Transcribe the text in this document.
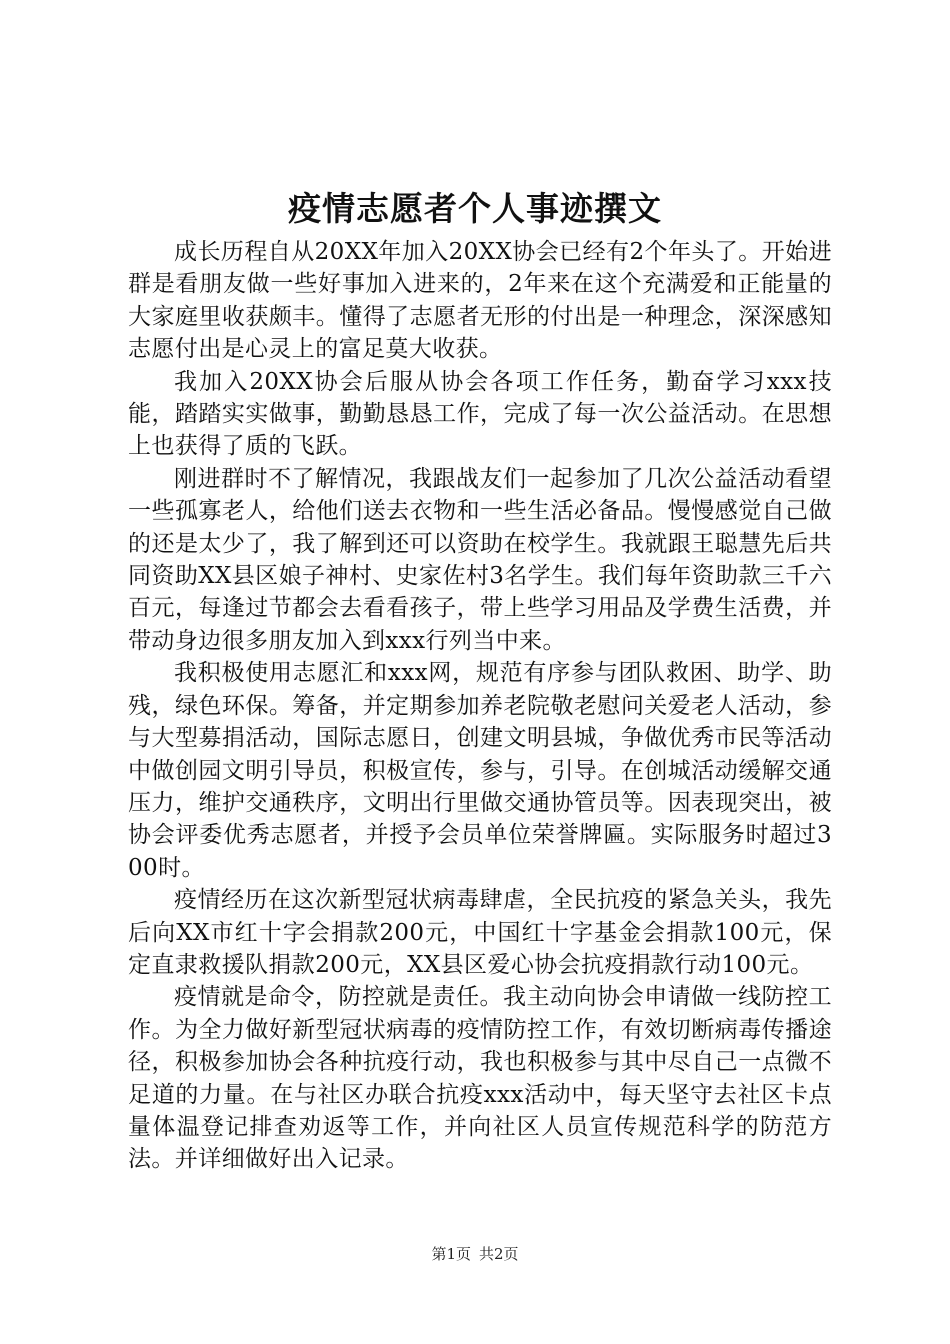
疫情志愿者个人事迹撰文

成长历程自从20XX年加入20XX协会已经有2个年头了。开始进群是看朋友做一些好事加入进来的，2年来在这个充满爱和正能量的大家庭里收获颇丰。懂得了志愿者无形的付出是一种理念，深深感知志愿付出是心灵上的富足莫大收获。

我加入20XX协会后服从协会各项工作任务，勤奋学习xxx技能，踏踏实实做事，勤勤恳恳工作，完成了每一次公益活动。在思想上也获得了质的飞跃。

刚进群时不了解情况，我跟战友们一起参加了几次公益活动看望一些孤寡老人，给他们送去衣物和一些生活必备品。慢慢感觉自己做的还是太少了，我了解到还可以资助在校学生。我就跟王聪慧先后共同资助XX县区娘子神村、史家佐村3名学生。我们每年资助款三千六百元，每逢过节都会去看看孩子，带上些学习用品及学费生活费，并带动身边很多朋友加入到xxx行列当中来。

我积极使用志愿汇和xxx网，规范有序参与团队救困、助学、助残，绿色环保。筹备，并定期参加养老院敬老慰问关爱老人活动，参与大型募捐活动，国际志愿日，创建文明县城，争做优秀市民等活动中做创园文明引导员，积极宣传，参与，引导。在创城活动缓解交通压力，维护交通秩序，文明出行里做交通协管员等。因表现突出，被协会评委优秀志愿者，并授予会员单位荣誉牌匾。实际服务时超过300时。

疫情经历在这次新型冠状病毒肆虐，全民抗疫的紧急关头，我先后向XX市红十字会捐款200元，中国红十字基金会捐款100元，保定直隶救援队捐款200元，XX县区爱心协会抗疫捐款行动100元。

疫情就是命令，防控就是责任。我主动向协会申请做一线防控工作。为全力做好新型冠状病毒的疫情防控工作，有效切断病毒传播途径，积极参加协会各种抗疫行动，我也积极参与其中尽自己一点微不足道的力量。在与社区办联合抗疫xxx活动中，每天坚守去社区卡点量体温登记排查劝返等工作，并向社区人员宣传规范科学的防范方法。并详细做好出入记录。

第1页 共2页
